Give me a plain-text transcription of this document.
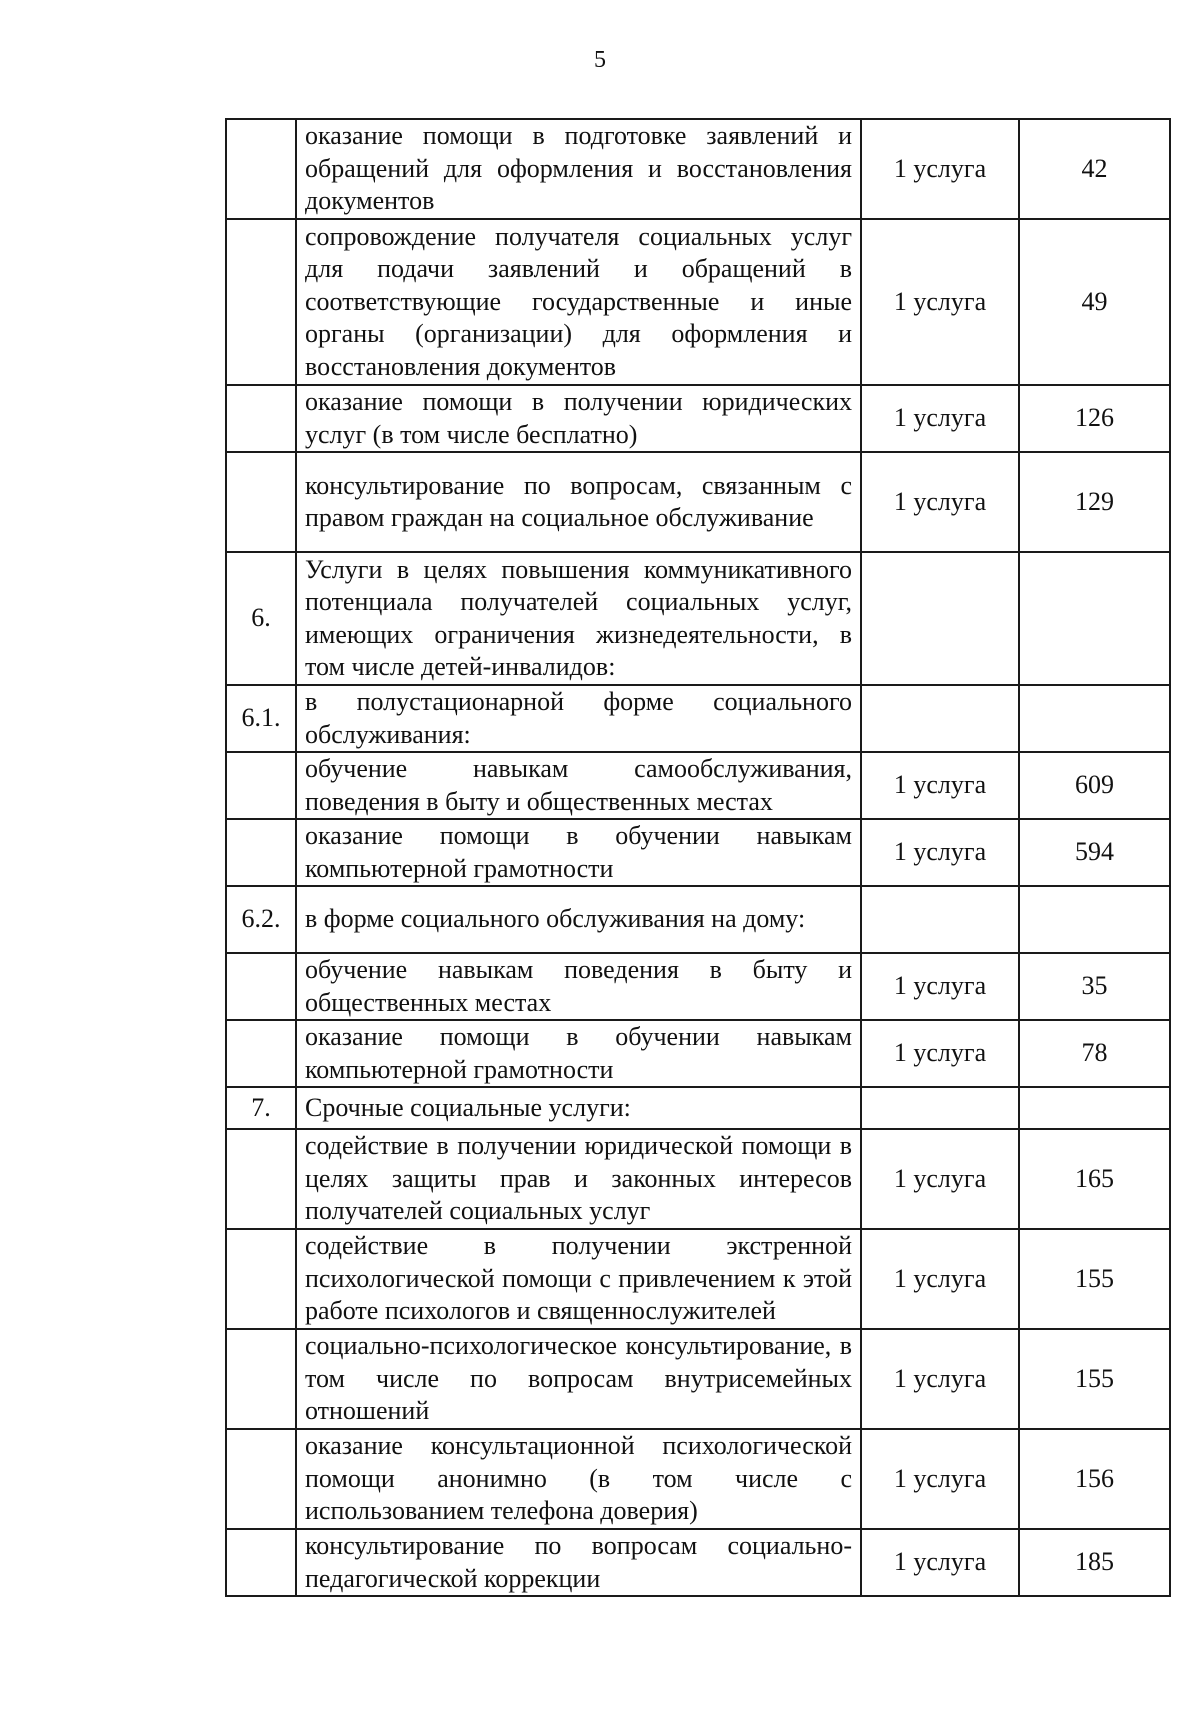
5

	оказание помощи в подготовке заявлений и обращений для оформления и восстановления документов	1 услуга	42

	сопровождение получателя социальных услуг для подачи заявлений и обращений в соответствующие государственные и иные органы (организации) для оформления и восстановления документов	1 услуга	49

	оказание помощи в получении юридических услуг (в том числе бесплатно)	1 услуга	126

	консультирование по вопросам, связанным с правом граждан на социальное обслуживание	1 услуга	129
6.	Услуги в целях повышения коммуникативного потенциала получателей социальных услуг, имеющих ограничения жизнедеятельности, в том числе детей-инвалидов:		

6.1.	в полустационарной форме социального обслуживания:		

	обучение навыкам самообслуживания, поведения в быту и общественных местах	1 услуга	609

	оказание помощи в обучении навыкам компьютерной грамотности	1 услуга	594
6.2.	в форме социального обслуживания на дому:		

	обучение навыкам поведения в быту и общественных местах	1 услуга	35

	оказание помощи в обучении навыкам компьютерной грамотности	1 услуга	78
7.	Срочные социальные услуги:		

	содействие в получении юридической помощи в целях защиты прав и законных интересов получателей социальных услуг	1 услуга	165

	содействие в получении экстренной психологической помощи с привлечением к этой работе психологов и священнослужителей	1 услуга	155

	социально-психологическое консультирование, в том числе по вопросам внутрисемейных отношений	1 услуга	155

	оказание консультационной психологической помощи анонимно (в том числе с использованием телефона доверия)	1 услуга	156

	консультирование по вопросам социально-педагогической коррекции	1 услуга	185
